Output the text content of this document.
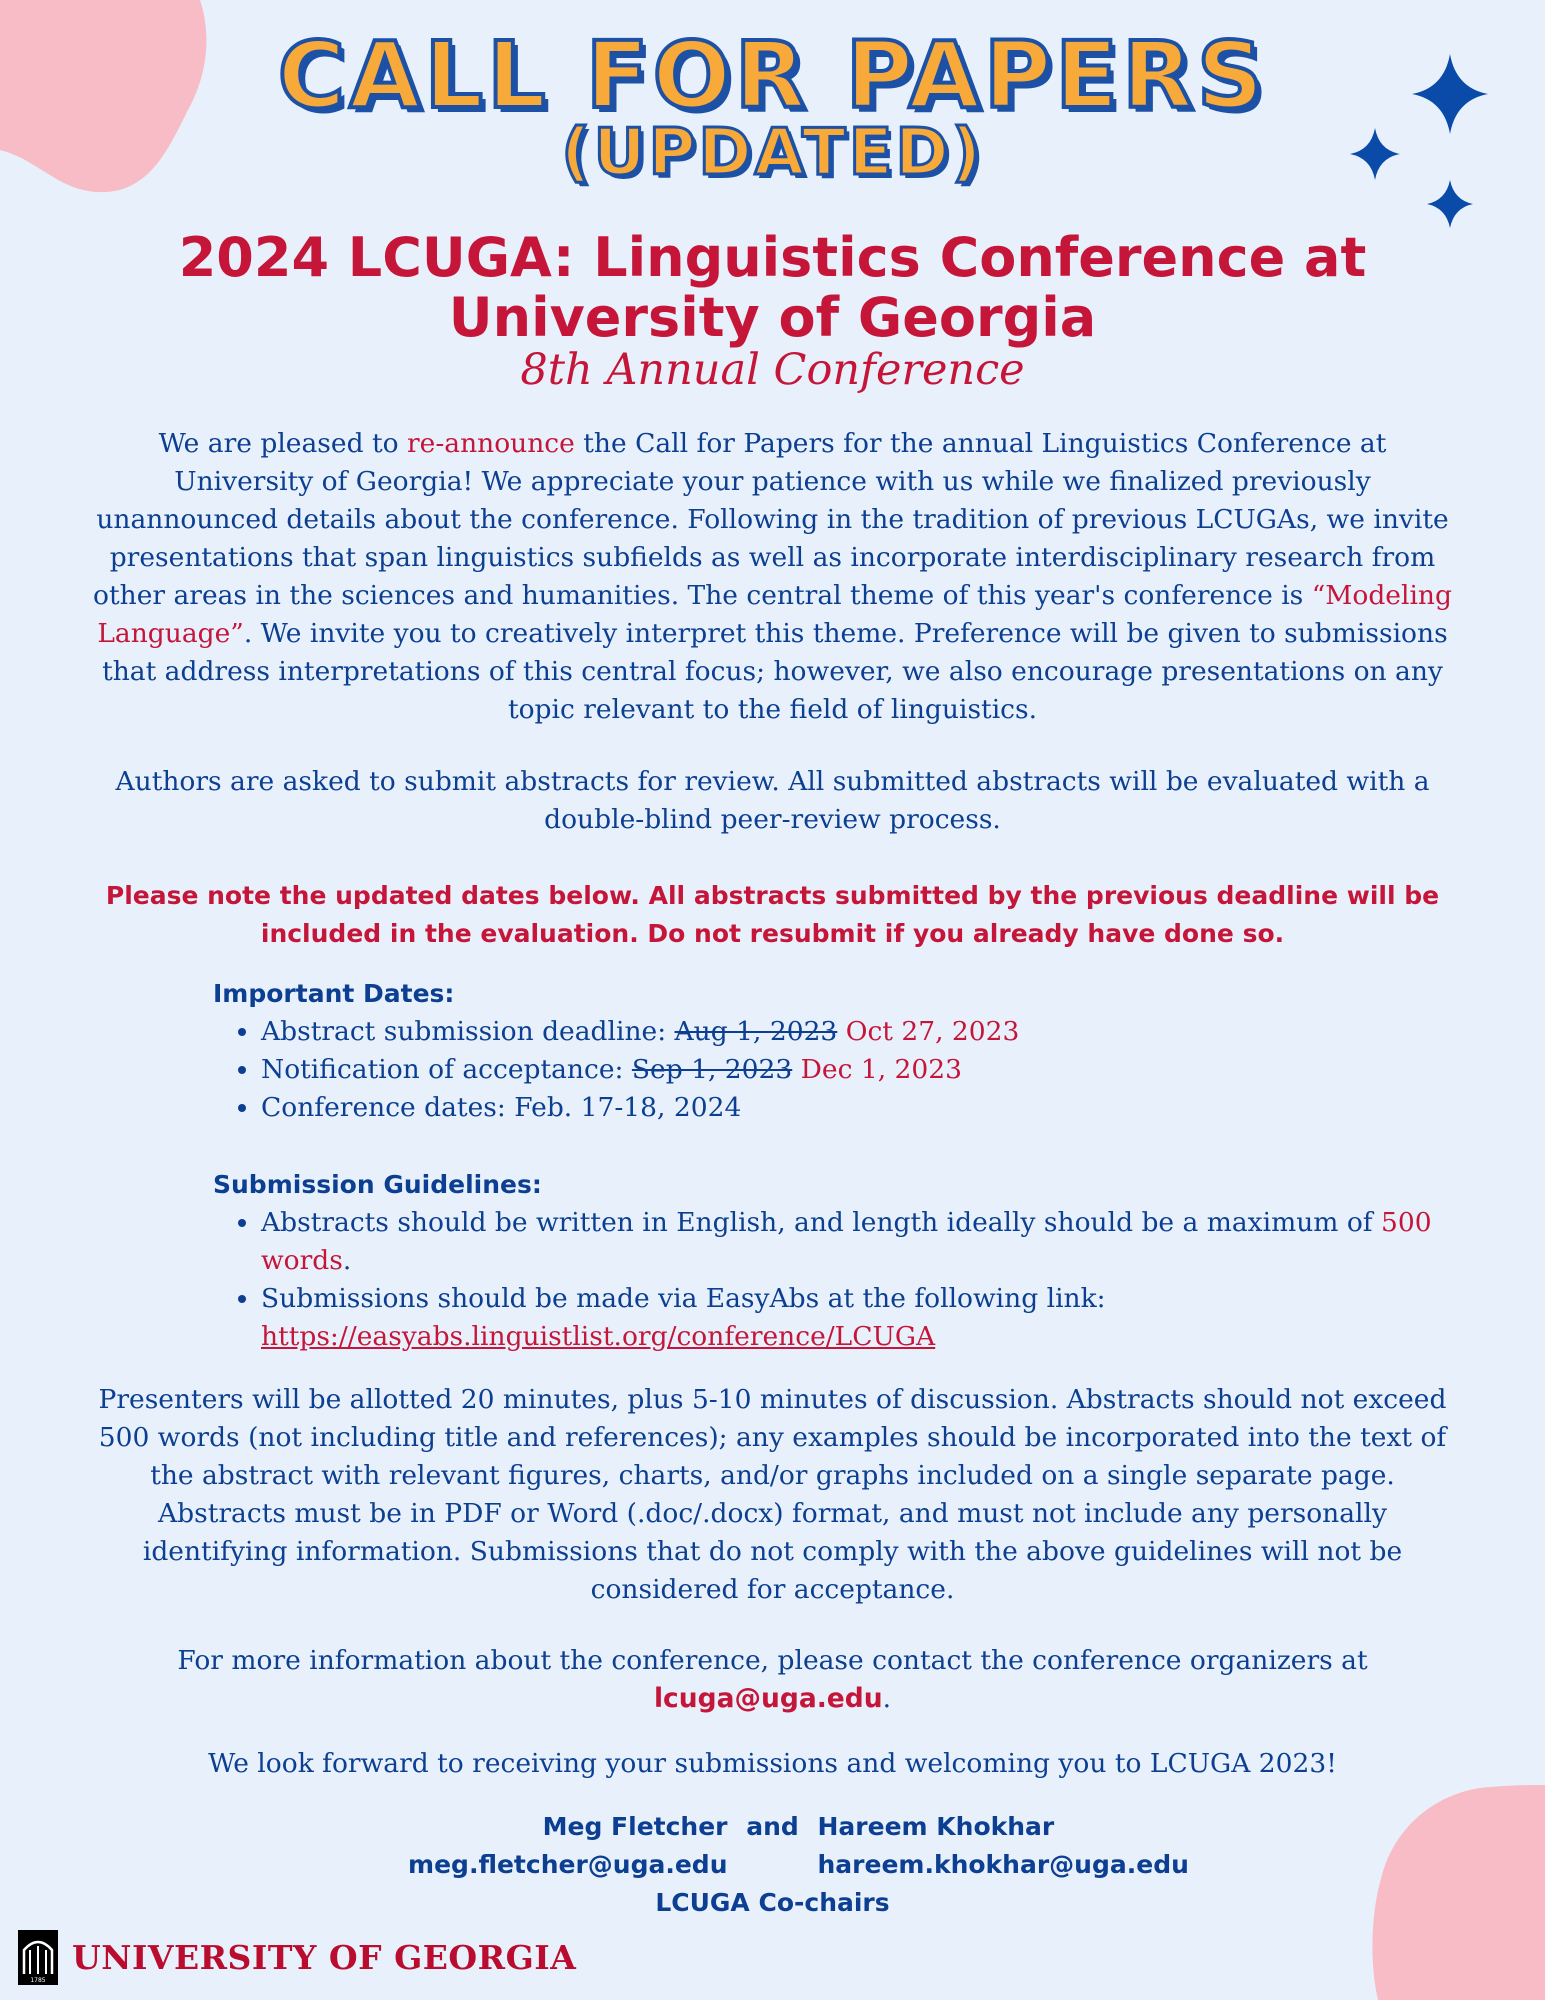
CALL FOR PAPERS
(UPDATED)
2024 LCUGA: Linguistics Conference at University of Georgia
8th Annual Conference
We are pleased to re-announce the Call for Papers for the annual Linguistics Conference at University of Georgia! We appreciate your patience with us while we finalized previously unannounced details about the conference. Following in the tradition of previous LCUGAs, we invite presentations that span linguistics subfields as well as incorporate interdisciplinary research from other areas in the sciences and humanities. The central theme of this year's conference is “Modeling Language”. We invite you to creatively interpret this theme. Preference will be given to submissions that address interpretations of this central focus; however, we also encourage presentations on any topic relevant to the field of linguistics.
Authors are asked to submit abstracts for review. All submitted abstracts will be evaluated with a double-blind peer-review process.
Please note the updated dates below. All abstracts submitted by the previous deadline will be included in the evaluation. Do not resubmit if you already have done so.
Important Dates:
• Abstract submission deadline: Aug 1, 2023 Oct 27, 2023
• Notification of acceptance: Sep 1, 2023 Dec 1, 2023
• Conference dates: Feb. 17-18, 2024
Submission Guidelines:
• Abstracts should be written in English, and length ideally should be a maximum of 500 words.
• Submissions should be made via EasyAbs at the following link:
https://easyabs.linguistlist.org/conference/LCUGA
Presenters will be allotted 20 minutes, plus 5-10 minutes of discussion. Abstracts should not exceed 500 words (not including title and references); any examples should be incorporated into the text of the abstract with relevant figures, charts, and/or graphs included on a single separate page. Abstracts must be in PDF or Word (.doc/.docx) format, and must not include any personally identifying information. Submissions that do not comply with the above guidelines will not be considered for acceptance.
For more information about the conference, please contact the conference organizers at
lcuga@uga.edu.
We look forward to receiving your submissions and welcoming you to LCUGA 2023!
Meg Fletcher and Hareem Khokhar
meg.fletcher@uga.edu	hareem.khokhar@uga.edu
LCUGA Co-chairs
1785
UNIVERSITY OF GEORGIA
